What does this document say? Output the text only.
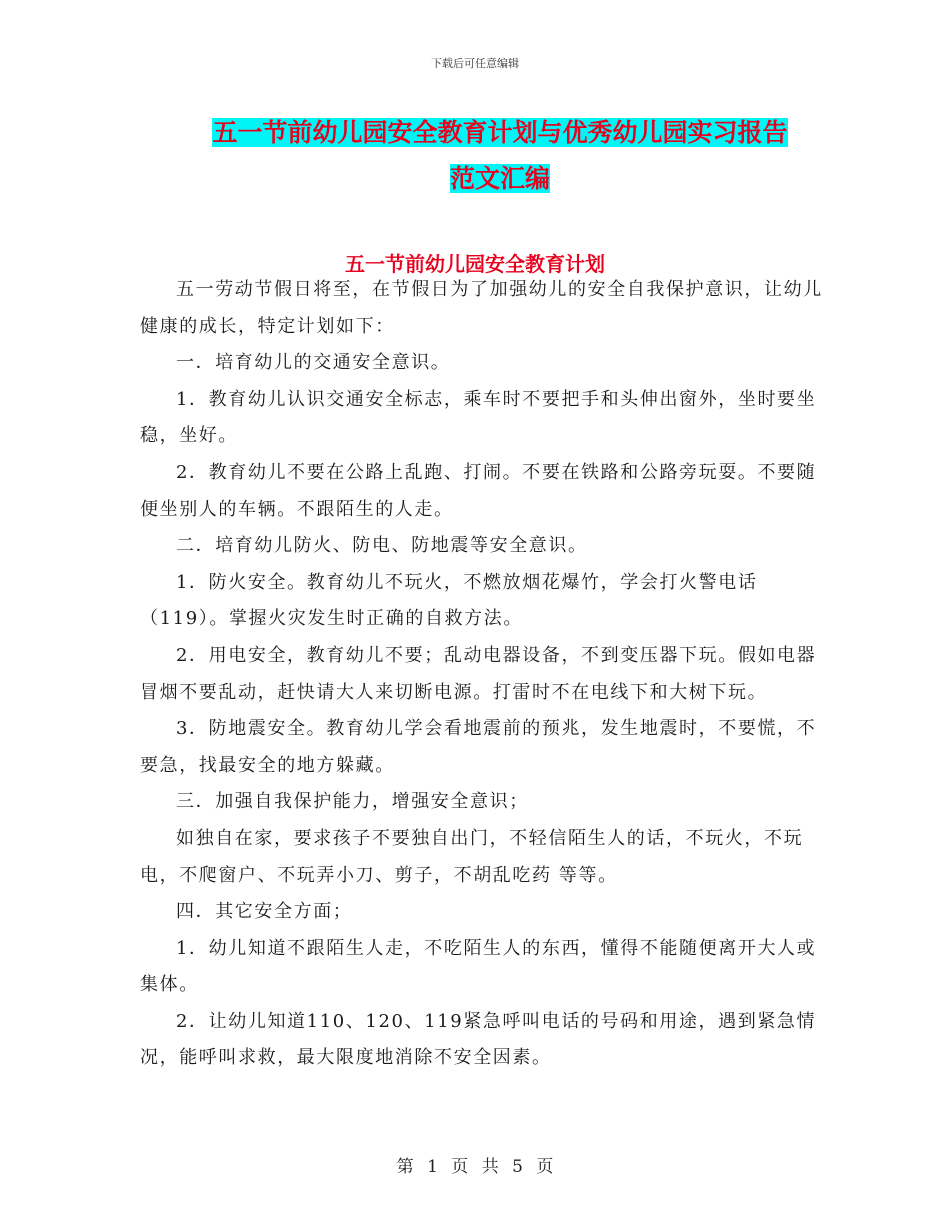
下载后可任意编辑
五一节前幼儿园安全教育计划与优秀幼儿园实习报告
范文汇编
五一节前幼儿园安全教育计划

五一劳动节假日将至，在节假日为了加强幼儿的安全自我保护意识，让幼儿健康的成长，特定计划如下：

一．培育幼儿的交通安全意识。

1．教育幼儿认识交通安全标志，乘车时不要把手和头伸出窗外，坐时要坐稳，坐好。

2．教育幼儿不要在公路上乱跑、打闹。不要在铁路和公路旁玩耍。不要随便坐别人的车辆。不跟陌生的人走。

二．培育幼儿防火、防电、防地震等安全意识。

1．防火安全。教育幼儿不玩火，不燃放烟花爆竹，学会打火警电话（119）。掌握火灾发生时正确的自救方法。

2．用电安全，教育幼儿不要；乱动电器设备，不到变压器下玩。假如电器冒烟不要乱动，赶快请大人来切断电源。打雷时不在电线下和大树下玩。

3．防地震安全。教育幼儿学会看地震前的预兆，发生地震时，不要慌，不要急，找最安全的地方躲藏。

三．加强自我保护能力，增强安全意识；

如独自在家，要求孩子不要独自出门，不轻信陌生人的话，不玩火，不玩电，不爬窗户、不玩弄小刀、剪子，不胡乱吃药 等等。

四．其它安全方面；

1．幼儿知道不跟陌生人走，不吃陌生人的东西，懂得不能随便离开大人或集体。

2．让幼儿知道110、120、119紧急呼叫电话的号码和用途，遇到紧急情况，能呼叫求救，最大限度地消除不安全因素。

第 1 页 共 5 页
